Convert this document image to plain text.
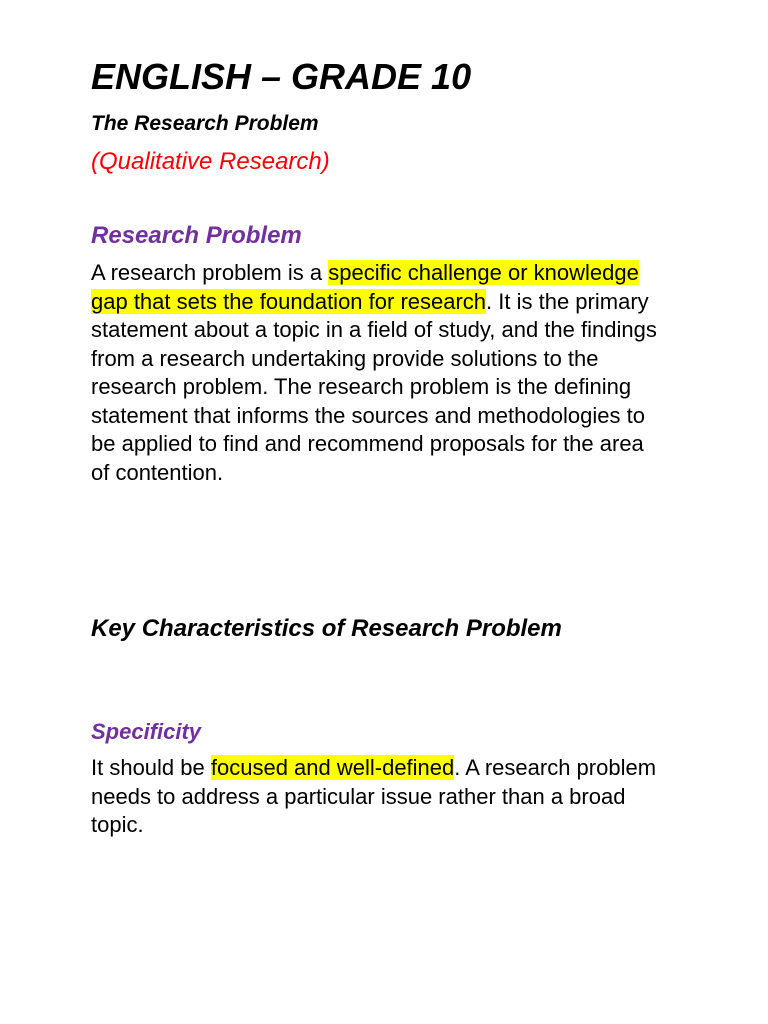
ENGLISH – GRADE 10
The Research Problem

(Qualitative Research)

Research Problem

A research problem is a specific challenge or knowledge gap that sets the foundation for research. It is the primary statement about a topic in a field of study, and the findings from a research undertaking provide solutions to the research problem. The research problem is the defining statement that informs the sources and methodologies to be applied to find and recommend proposals for the area of contention.

Key Characteristics of Research Problem
Specificity

It should be focused and well-defined. A research problem needs to address a particular issue rather than a broad topic.
